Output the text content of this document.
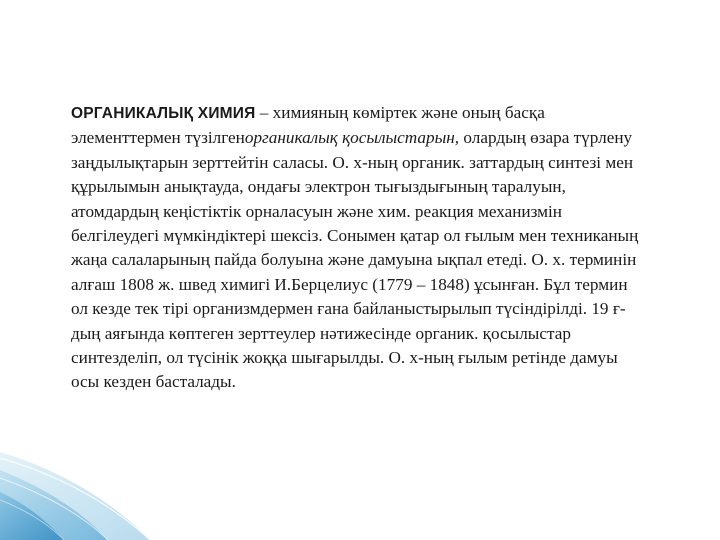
ОРГАНИКАЛЫҚ ХИМИЯ – химияның көміртек және оның басқа элементтермен түзілгенорганикалық қосылыстарын, олардың өзара түрлену заңдылықтарын зерттейтін саласы. О. х-ның органик. заттардың синтезі мен құрылымын анықтауда, ондағы электрон тығыздығының таралуын, атомдардың кеңістіктік орналасуын және хим. реакция механизмін белгілеудегі мүмкіндіктері шексіз. Сонымен қатар ол ғылым мен техниканың жаңа салаларының пайда болуына және дамуына ықпал етеді. О. х. терминін алғаш 1808 ж. швед химигі И.Берцелиус (1779 – 1848) ұсынған. Бұл термин ол кезде тек тірі организмдермен ғана байланыстырылып түсіндірілді. 19 ғ-дың аяғында көптеген зерттеулер нәтижесінде органик. қосылыстар синтезделіп, ол түсінік жоққа шығарылды. О. х-ның ғылым ретінде дамуы осы кезден басталады.
